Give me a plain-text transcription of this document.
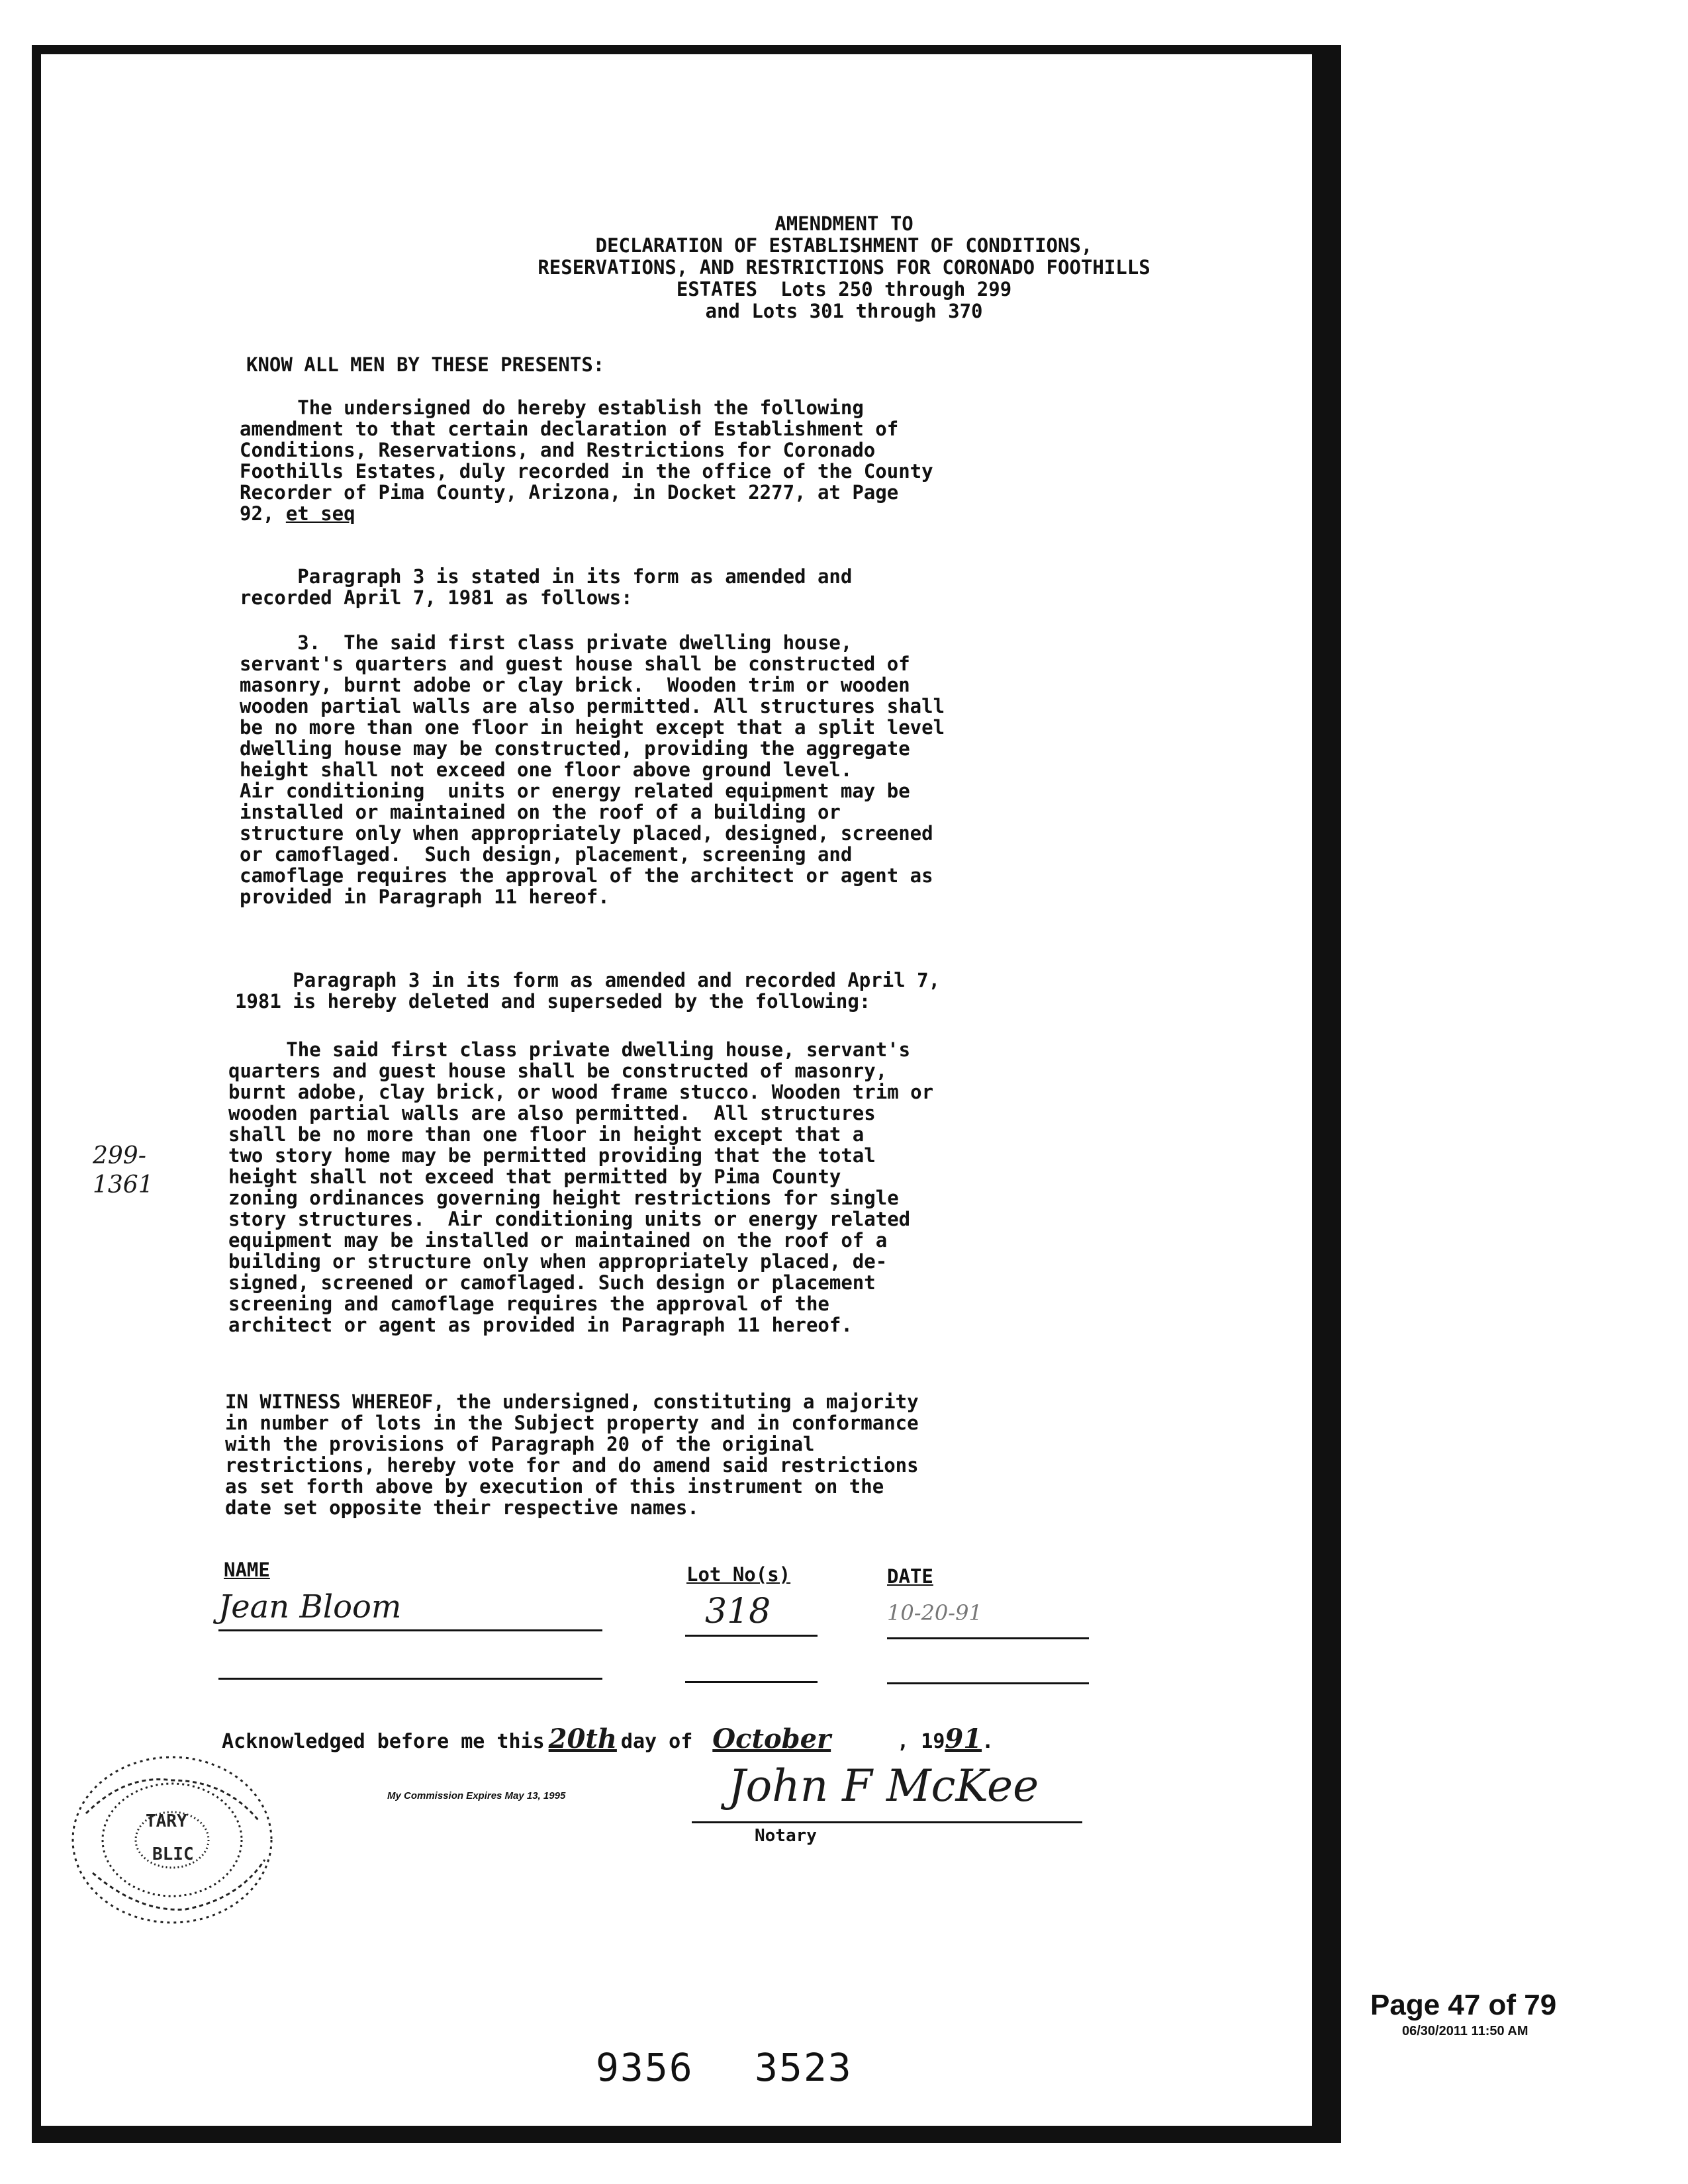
AMENDMENT TO
DECLARATION OF ESTABLISHMENT OF CONDITIONS,
RESERVATIONS, AND RESTRICTIONS FOR CORONADO FOOTHILLS
ESTATES  Lots 250 through 299
and Lots 301 through 370
KNOW ALL MEN BY THESE PRESENTS:
The undersigned do hereby establish the following
amendment to that certain declaration of Establishment of
Conditions, Reservations, and Restrictions for Coronado
Foothills Estates, duly recorded in the office of the County
Recorder of Pima County, Arizona, in Docket 2277, at Page
92, et seq
Paragraph 3 is stated in its form as amended and
recorded April 7, 1981 as follows:
3.  The said first class private dwelling house,
servant's quarters and guest house shall be constructed of
masonry, burnt adobe or clay brick.  Wooden trim or wooden
wooden partial walls are also permitted. All structures shall
be no more than one floor in height except that a split level
dwelling house may be constructed, providing the aggregate
height shall not exceed one floor above ground level.
Air conditioning  units or energy related equipment may be
installed or maintained on the roof of a building or
structure only when appropriately placed, designed, screened
or camoflaged.  Such design, placement, screening and
camoflage requires the approval of the architect or agent as
provided in Paragraph 11 hereof.
Paragraph 3 in its form as amended and recorded April 7,
1981 is hereby deleted and superseded by the following:
The said first class private dwelling house, servant's
quarters and guest house shall be constructed of masonry,
burnt adobe, clay brick, or wood frame stucco. Wooden trim or
wooden partial walls are also permitted.  All structures
shall be no more than one floor in height except that a
two story home may be permitted providing that the total
height shall not exceed that permitted by Pima County
zoning ordinances governing height restrictions for single
story structures.  Air conditioning units or energy related
equipment may be installed or maintained on the roof of a
building or structure only when appropriately placed, de-
signed, screened or camoflaged. Such design or placement
screening and camoflage requires the approval of the
architect or agent as provided in Paragraph 11 hereof.
299-
1361
IN WITNESS WHEREOF, the undersigned, constituting a majority
in number of lots in the Subject property and in conformance
with the provisions of Paragraph 20 of the original
restrictions, hereby vote for and do amend said restrictions
as set forth above by execution of this instrument on the
date set opposite their respective names.
NAME	Lot No(s)	DATE
Jean Bloom	318	10-20-91
Acknowledged before me this 20th day of October	, 1991.
My Commission Expires May 13, 1995	John F McKee
Notary
TARY
BLIC
9356 3523
Page 47 of 79
06/30/2011 11:50 AM
